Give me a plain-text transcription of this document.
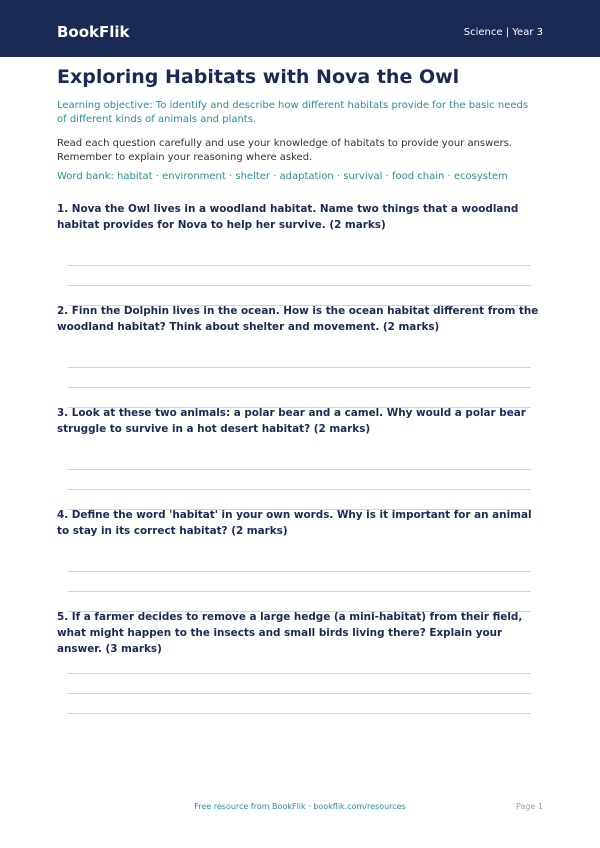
BookFlik	Science | Year 3
Exploring Habitats with Nova the Owl

Learning objective: To identify and describe how different habitats provide for the basic needs of different kinds of animals and plants.

Read each question carefully and use your knowledge of habitats to provide your answers. Remember to explain your reasoning where asked.

Word bank: habitat · environment · shelter · adaptation · survival · food chain · ecosystem

1. Nova the Owl lives in a woodland habitat. Name two things that a woodland habitat provides for Nova to help her survive. (2 marks)

2. Finn the Dolphin lives in the ocean. How is the ocean habitat different from the woodland habitat? Think about shelter and movement. (2 marks)

3. Look at these two animals: a polar bear and a camel. Why would a polar bear struggle to survive in a hot desert habitat? (2 marks)

4. Define the word 'habitat' in your own words. Why is it important for an animal to stay in its correct habitat? (2 marks)

5. If a farmer decides to remove a large hedge (a mini-habitat) from their field, what might happen to the insects and small birds living there? Explain your answer. (3 marks)

Free resource from BookFlik · bookflik.com/resources	Page 1
